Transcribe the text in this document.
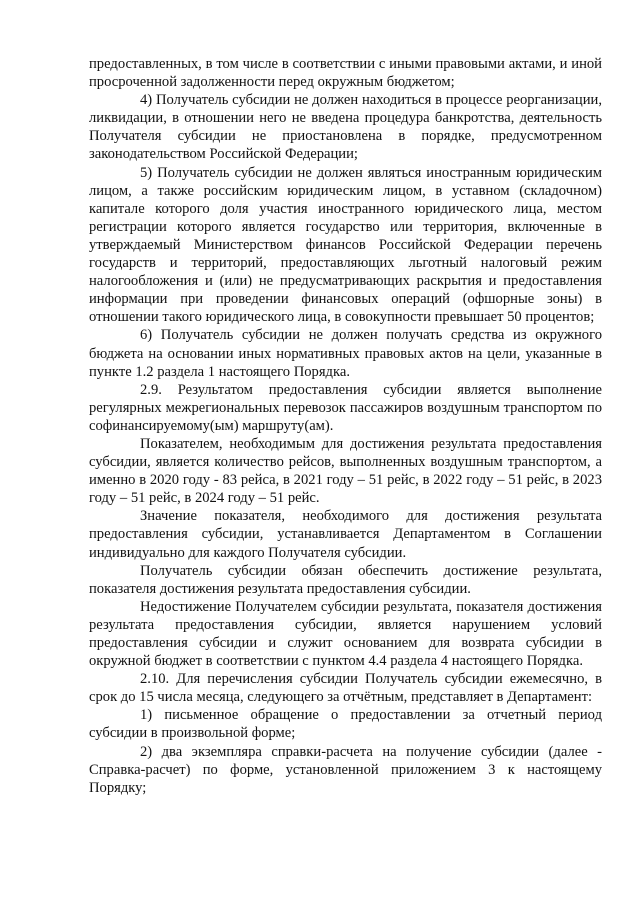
предоставленных, в том числе в соответствии с иными правовыми актами, и иной просроченной задолженности перед окружным бюджетом;

4) Получатель субсидии не должен находиться в процессе реорганизации, ликвидации, в отношении него не введена процедура банкротства, деятельность Получателя субсидии не приостановлена в порядке, предусмотренном законодательством Российской Федерации;

5) Получатель субсидии не должен являться иностранным юридическим лицом, а также российским юридическим лицом, в уставном (складочном) капитале которого доля участия иностранного юридического лица, местом регистрации которого является государство или территория, включенные в утверждаемый Министерством финансов Российской Федерации перечень государств и территорий, предоставляющих льготный налоговый режим налогообложения и (или) не предусматривающих раскрытия и предоставления информации при проведении финансовых операций (офшорные зоны) в отношении такого юридического лица, в совокупности превышает 50 процентов;

6) Получатель субсидии не должен получать средства из окружного бюджета на основании иных нормативных правовых актов на цели, указанные в пункте 1.2 раздела 1 настоящего Порядка.

2.9. Результатом предоставления субсидии является выполнение регулярных межрегиональных перевозок пассажиров воздушным транспортом по софинансируемому(ым) маршруту(ам).

Показателем, необходимым для достижения результата предоставления субсидии, является количество рейсов, выполненных воздушным транспортом, а именно в 2020 году - 83 рейса, в 2021 году – 51 рейс, в 2022 году – 51 рейс, в 2023 году – 51 рейс, в 2024 году – 51 рейс.

Значение показателя, необходимого для достижения результата предоставления субсидии, устанавливается Департаментом в Соглашении индивидуально для каждого Получателя субсидии.

Получатель субсидии обязан обеспечить достижение результата, показателя достижения результата предоставления субсидии.

Недостижение Получателем субсидии результата, показателя достижения результата предоставления субсидии, является нарушением условий предоставления субсидии и служит основанием для возврата субсидии в окружной бюджет в соответствии с пунктом 4.4 раздела 4 настоящего Порядка.

2.10. Для перечисления субсидии Получатель субсидии ежемесячно, в срок до 15 числа месяца, следующего за отчётным, представляет в Департамент:

1) письменное обращение о предоставлении за отчетный период субсидии в произвольной форме;

2) два экземпляра справки-расчета на получение субсидии (далее - Справка-расчет) по форме, установленной приложением 3 к настоящему Порядку;
